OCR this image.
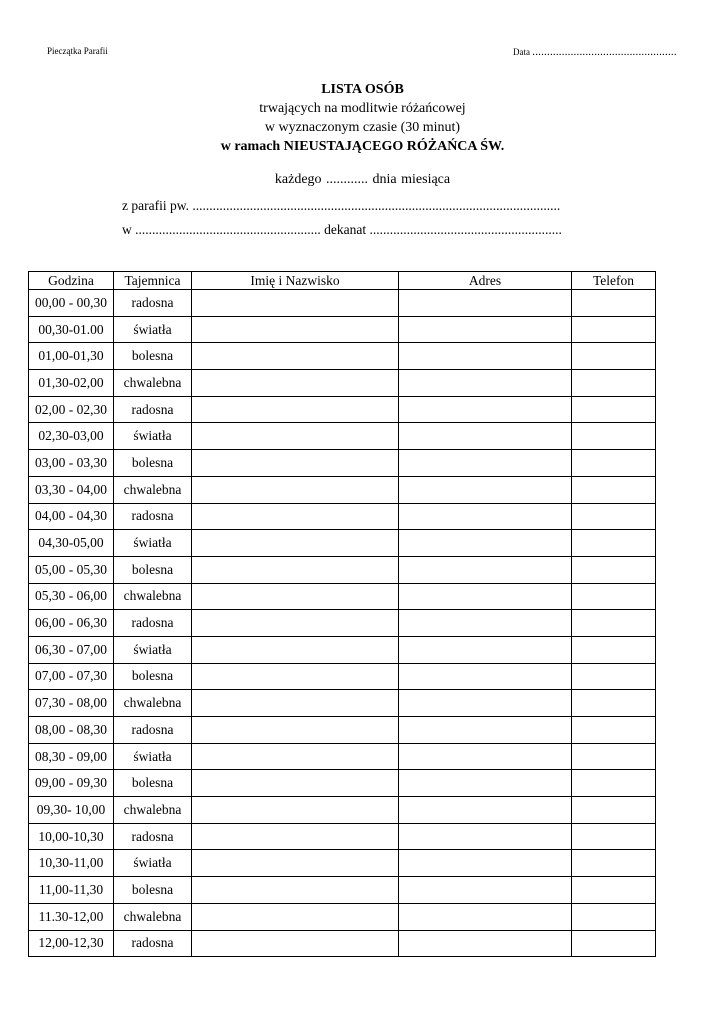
Pieczątka Parafii	Data .................................................
LISTA OSÓB
trwających na modlitwie różańcowej
w wyznaczonym czasie (30 minut)
w ramach NIEUSTAJĄCEGO RÓŻAŃCA ŚW.
każdego ............ dnia miesiąca
z parafii pw. .............................................................................................................
w ....................................................... dekanat .........................................................
Godzina	Tajemnica	Imię i Nazwisko	Adres	Telefon
00,00 - 00,30	radosna			
00,30-01.00	światła			
01,00-01,30	bolesna			
01,30-02,00	chwalebna			
02,00 - 02,30	radosna			
02,30-03,00	światła			
03,00 - 03,30	bolesna			
03,30 - 04,00	chwalebna			
04,00 - 04,30	radosna			
04,30-05,00	światła			
05,00 - 05,30	bolesna			
05,30 - 06,00	chwalebna			
06,00 - 06,30	radosna			
06,30 - 07,00	światła			
07,00 - 07,30	bolesna			
07,30 - 08,00	chwalebna			
08,00 - 08,30	radosna			
08,30 - 09,00	światła			
09,00 - 09,30	bolesna			
09,30- 10,00	chwalebna			
10,00-10,30	radosna			
10,30-11,00	światła			
11,00-11,30	bolesna			
11.30-12,00	chwalebna			
12,00-12,30	radosna			
